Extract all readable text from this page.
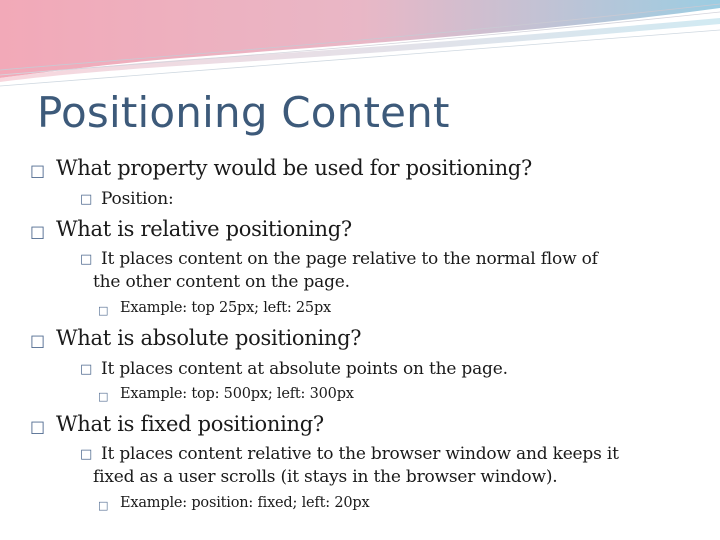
Positioning Content
□ What property would be used for positioning?
□ Position:
□ What is relative positioning?
□ It places content on the page relative to the normal flow of
the other content on the page.
□ Example: top 25px; left: 25px
□ What is absolute positioning?
□ It places content at absolute points on the page.
□ Example: top: 500px; left: 300px
□ What is fixed positioning?
□ It places content relative to the browser window and keeps it
fixed as a user scrolls (it stays in the browser window).
□ Example: position: fixed; left: 20px
